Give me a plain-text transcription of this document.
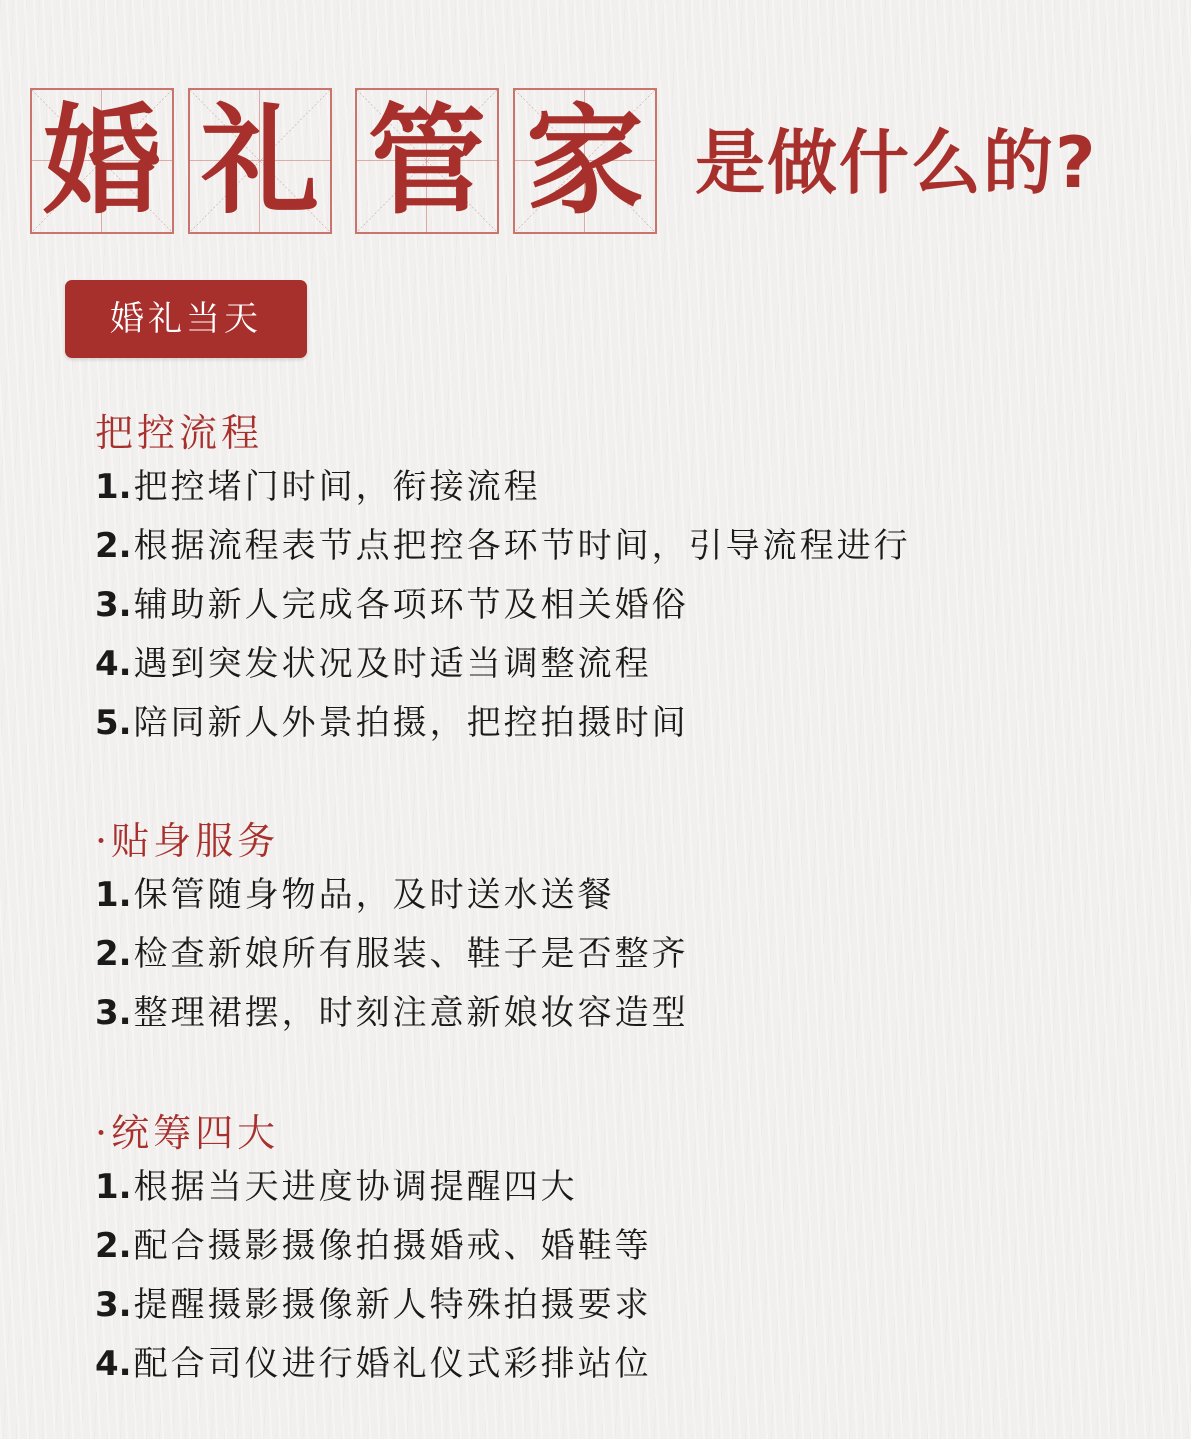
婚 礼 管 家 是做什么的?
婚礼当天
把控流程
1. 把控堵门时间，衔接流程
2. 根据流程表节点把控各环节时间，引导流程进行
3. 辅助新人完成各项环节及相关婚俗
4. 遇到突发状况及时适当调整流程
5. 陪同新人外景拍摄，把控拍摄时间
·贴身服务
1. 保管随身物品，及时送水送餐
2. 检查新娘所有服装、鞋子是否整齐
3. 整理裙摆，时刻注意新娘妆容造型
·统筹四大
1. 根据当天进度协调提醒四大
2. 配合摄影摄像拍摄婚戒、婚鞋等
3. 提醒摄影摄像新人特殊拍摄要求
4. 配合司仪进行婚礼仪式彩排站位
